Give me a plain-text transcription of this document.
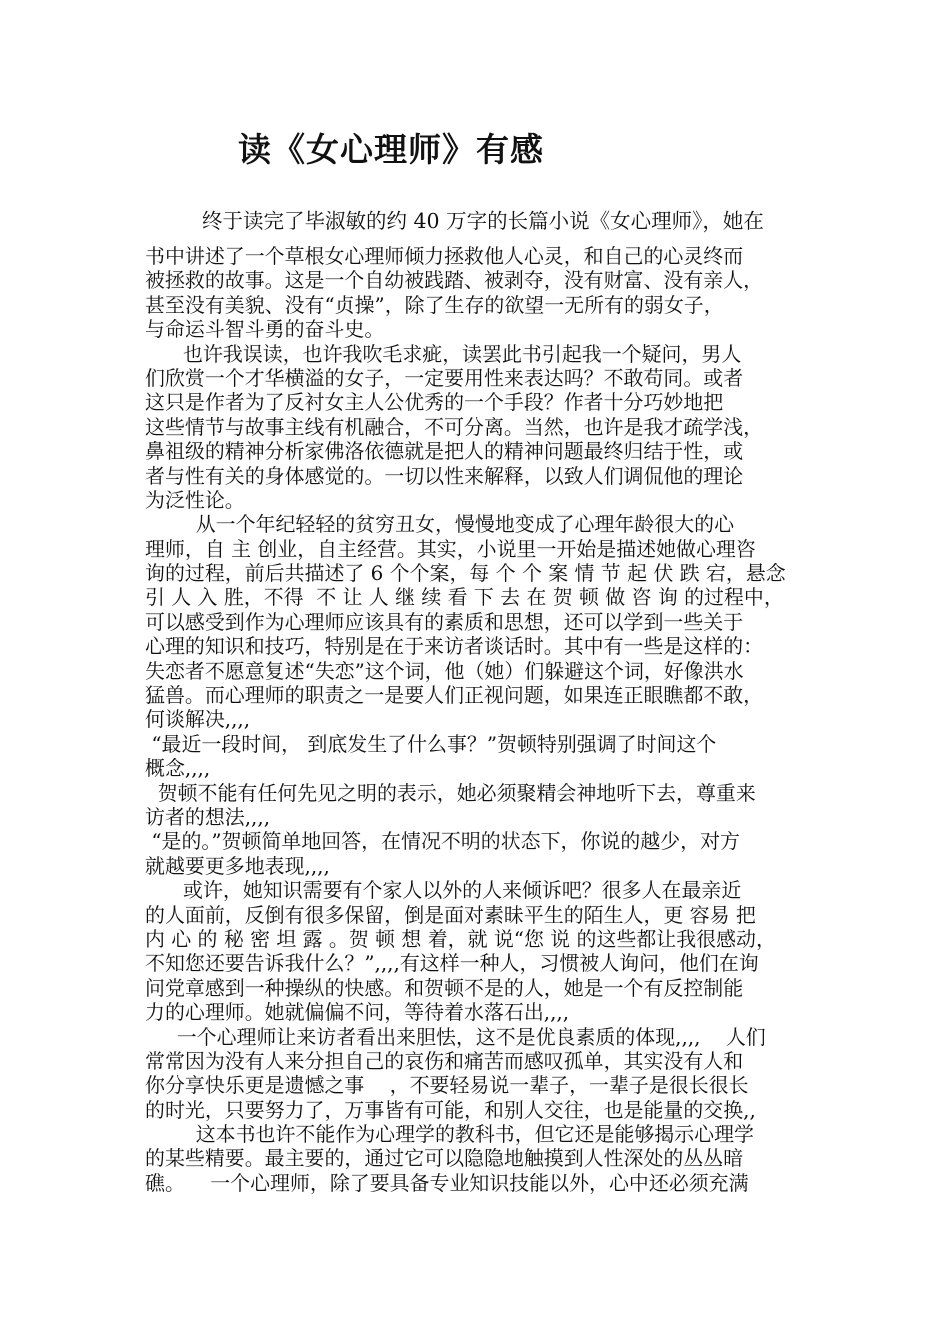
读《女心理师》有感
终于读完了毕淑敏的约 40 万字的长篇小说《女心理师》，她在
书中讲述了一个草根女心理师倾力拯救他人心灵，和自己的心灵终而
被拯救的故事。这是一个自幼被践踏、被剥夺，没有财富、没有亲人，
甚至没有美貌、没有“贞操”，除了生存的欲望一无所有的弱女子，
与命运斗智斗勇的奋斗史。
也许我误读，也许我吹毛求疵，读罢此书引起我一个疑问，男人
们欣赏一个才华横溢的女子，一定要用性来表达吗？不敢苟同。或者
这只是作者为了反衬女主人公优秀的一个手段？作者十分巧妙地把
这些情节与故事主线有机融合，不可分离。当然，也许是我才疏学浅，
鼻祖级的精神分析家佛洛依德就是把人的精神问题最终归结于性，或
者与性有关的身体感觉的。一切以性来解释，以致人们调侃他的理论
为泛性论。
从一个年纪轻轻的贫穷丑女，慢慢地变成了心理年龄很大的心
理师，自 主 创业，自主经营。其实，小说里一开始是描述她做心理咨
询的过程，前后共描述了 6 个个案，每 个 个 案 情 节 起 伏 跌 宕，悬念
引 人 入 胜，不得  不 让 人 继 续 看 下 去 在 贺 顿 做 咨 询 的过程中，
可以感受到作为心理师应该具有的素质和思想，还可以学到一些关于
心理的知识和技巧，特别是在于来访者谈话时。其中有一些是这样的：
失恋者不愿意复述“失恋”这个词，他（她）们躲避这个词，好像洪水
猛兽。而心理师的职责之一是要人们正视问题，如果连正眼瞧都不敢，
何谈解决,,,,
“最近一段时间， 到底发生了什么事？”贺顿特别强调了时间这个
概念,,,,
贺顿不能有任何先见之明的表示，她必须聚精会神地听下去，尊重来
访者的想法,,,,
“是的。”贺顿简单地回答，在情况不明的状态下，你说的越少，对方
就越要更多地表现,,,,
或许，她知识需要有个家人以外的人来倾诉吧？很多人在最亲近
的人面前，反倒有很多保留，倒是面对素昧平生的陌生人，更 容易 把
内 心 的 秘 密 坦 露 。贺 顿 想 着，就 说“您 说 的这些都让我很感动，
不知您还要告诉我什么？”,,,,有这样一种人，习惯被人询问，他们在询
问党章感到一种操纵的快感。和贺顿不是的人，她是一个有反控制能
力的心理师。她就偏偏不问，等待着水落石出,,,,
一个心理师让来访者看出来胆怯，这不是优良素质的体现,,,,    人们
常常因为没有人来分担自己的哀伤和痛苦而感叹孤单，其实没有人和
你分享快乐更是遗憾之事    ，不要轻易说一辈子，一辈子是很长很长
的时光，只要努力了，万事皆有可能，和别人交往，也是能量的交换,,
这本书也许不能作为心理学的教科书，但它还是能够揭示心理学
的某些精要。最主要的，通过它可以隐隐地触摸到人性深处的丛丛暗
礁。    一个心理师，除了要具备专业知识技能以外，心中还必须充满
